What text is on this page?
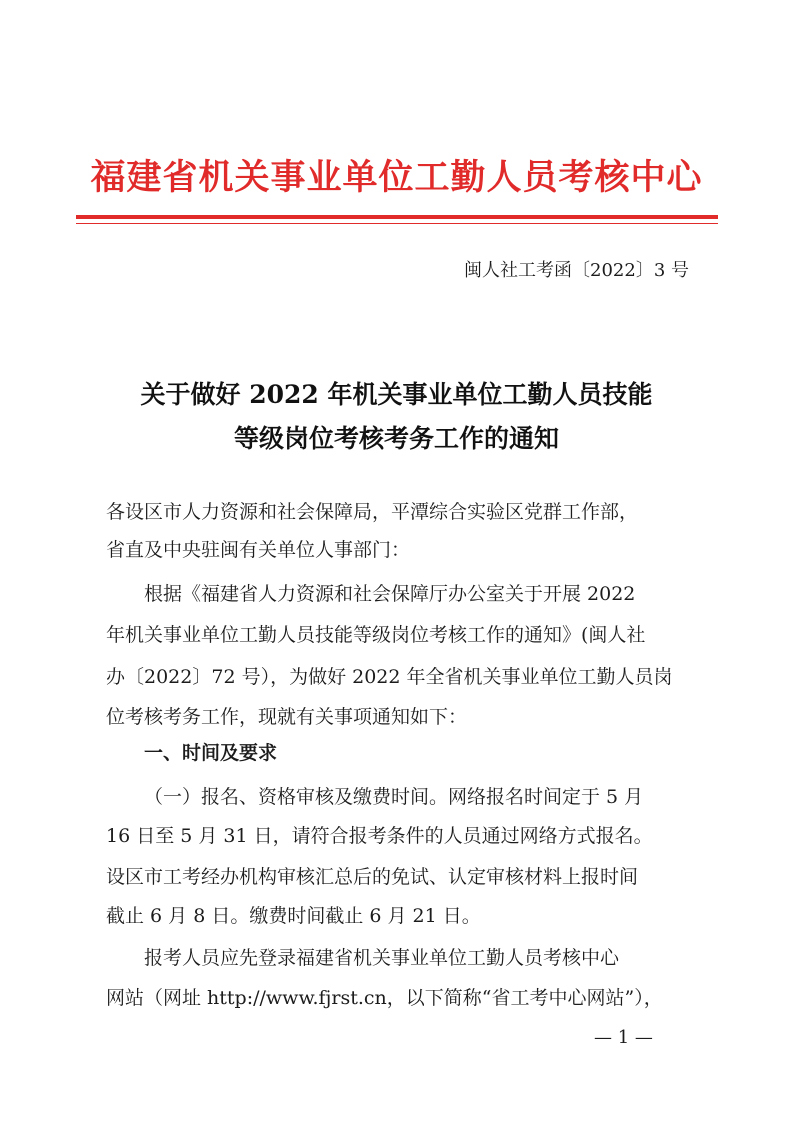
福建省机关事业单位工勤人员考核中心
闽人社工考函〔2022〕3 号
关于做好 2022 年机关事业单位工勤人员技能
等级岗位考核考务工作的通知
各设区市人力资源和社会保障局，平潭综合实验区党群工作部，
省直及中央驻闽有关单位人事部门：
根据《福建省人力资源和社会保障厅办公室关于开展 2022
年机关事业单位工勤人员技能等级岗位考核工作的通知》(闽人社
办〔2022〕72 号），为做好 2022 年全省机关事业单位工勤人员岗
位考核考务工作，现就有关事项通知如下：
一、时间及要求
（一）报名、资格审核及缴费时间。网络报名时间定于 5 月
16 日至 5 月 31 日，请符合报考条件的人员通过网络方式报名。
设区市工考经办机构审核汇总后的免试、认定审核材料上报时间
截止 6 月 8 日。缴费时间截止 6 月 21 日。
报考人员应先登录福建省机关事业单位工勤人员考核中心
网站（网址 http://www.fjrst.cn，以下简称“省工考中心网站”），
— 1 —
